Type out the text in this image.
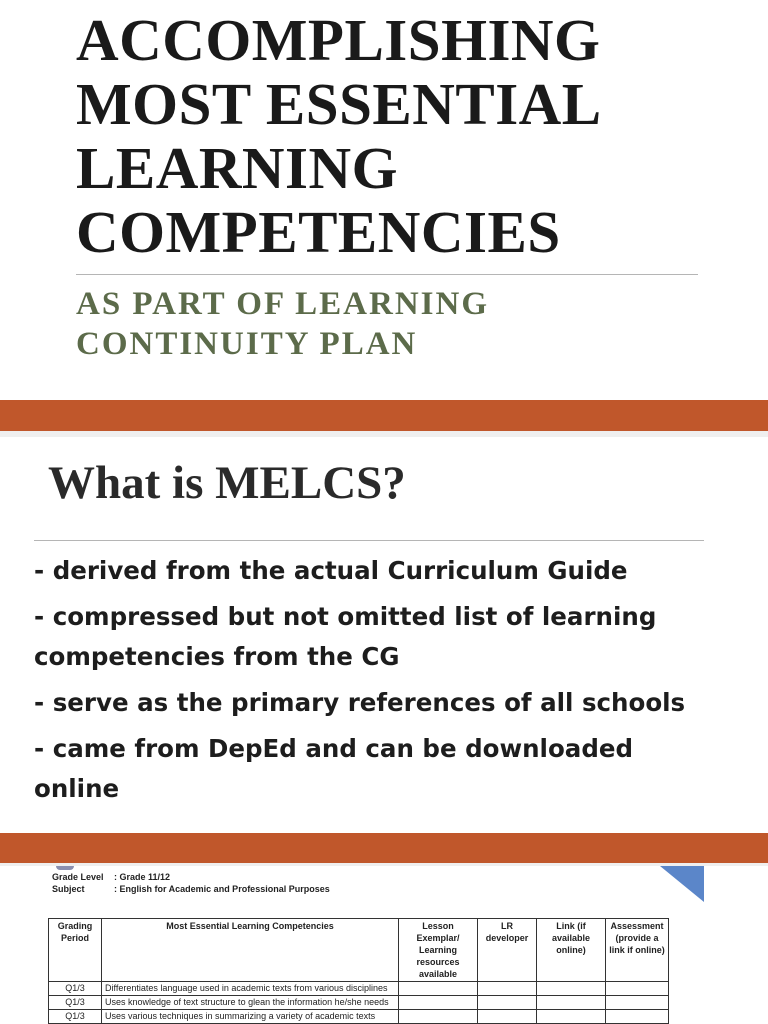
ACCOMPLISHING
MOST ESSENTIAL
LEARNING
COMPETENCIES
AS PART OF LEARNING
CONTINUITY PLAN
What is MELCS?
- derived from the actual Curriculum Guide
- compressed but not omitted list of learning
competencies from the CG
- serve as the primary references of all schools
- came from DepEd and can be downloaded
online
Grade Level	: Grade 11/12
Subject	: English for Academic and Professional Purposes
Grading Period	Most Essential Learning Competencies	Lesson Exemplar/ Learning resources available	LR developer	Link (if available online)	Assessment (provide a link if online)
Q1/3	Differentiates language used in academic texts from various disciplines				
Q1/3	Uses knowledge of text structure to glean the information he/she needs				
Q1/3	Uses various techniques in summarizing a variety of academic texts				
